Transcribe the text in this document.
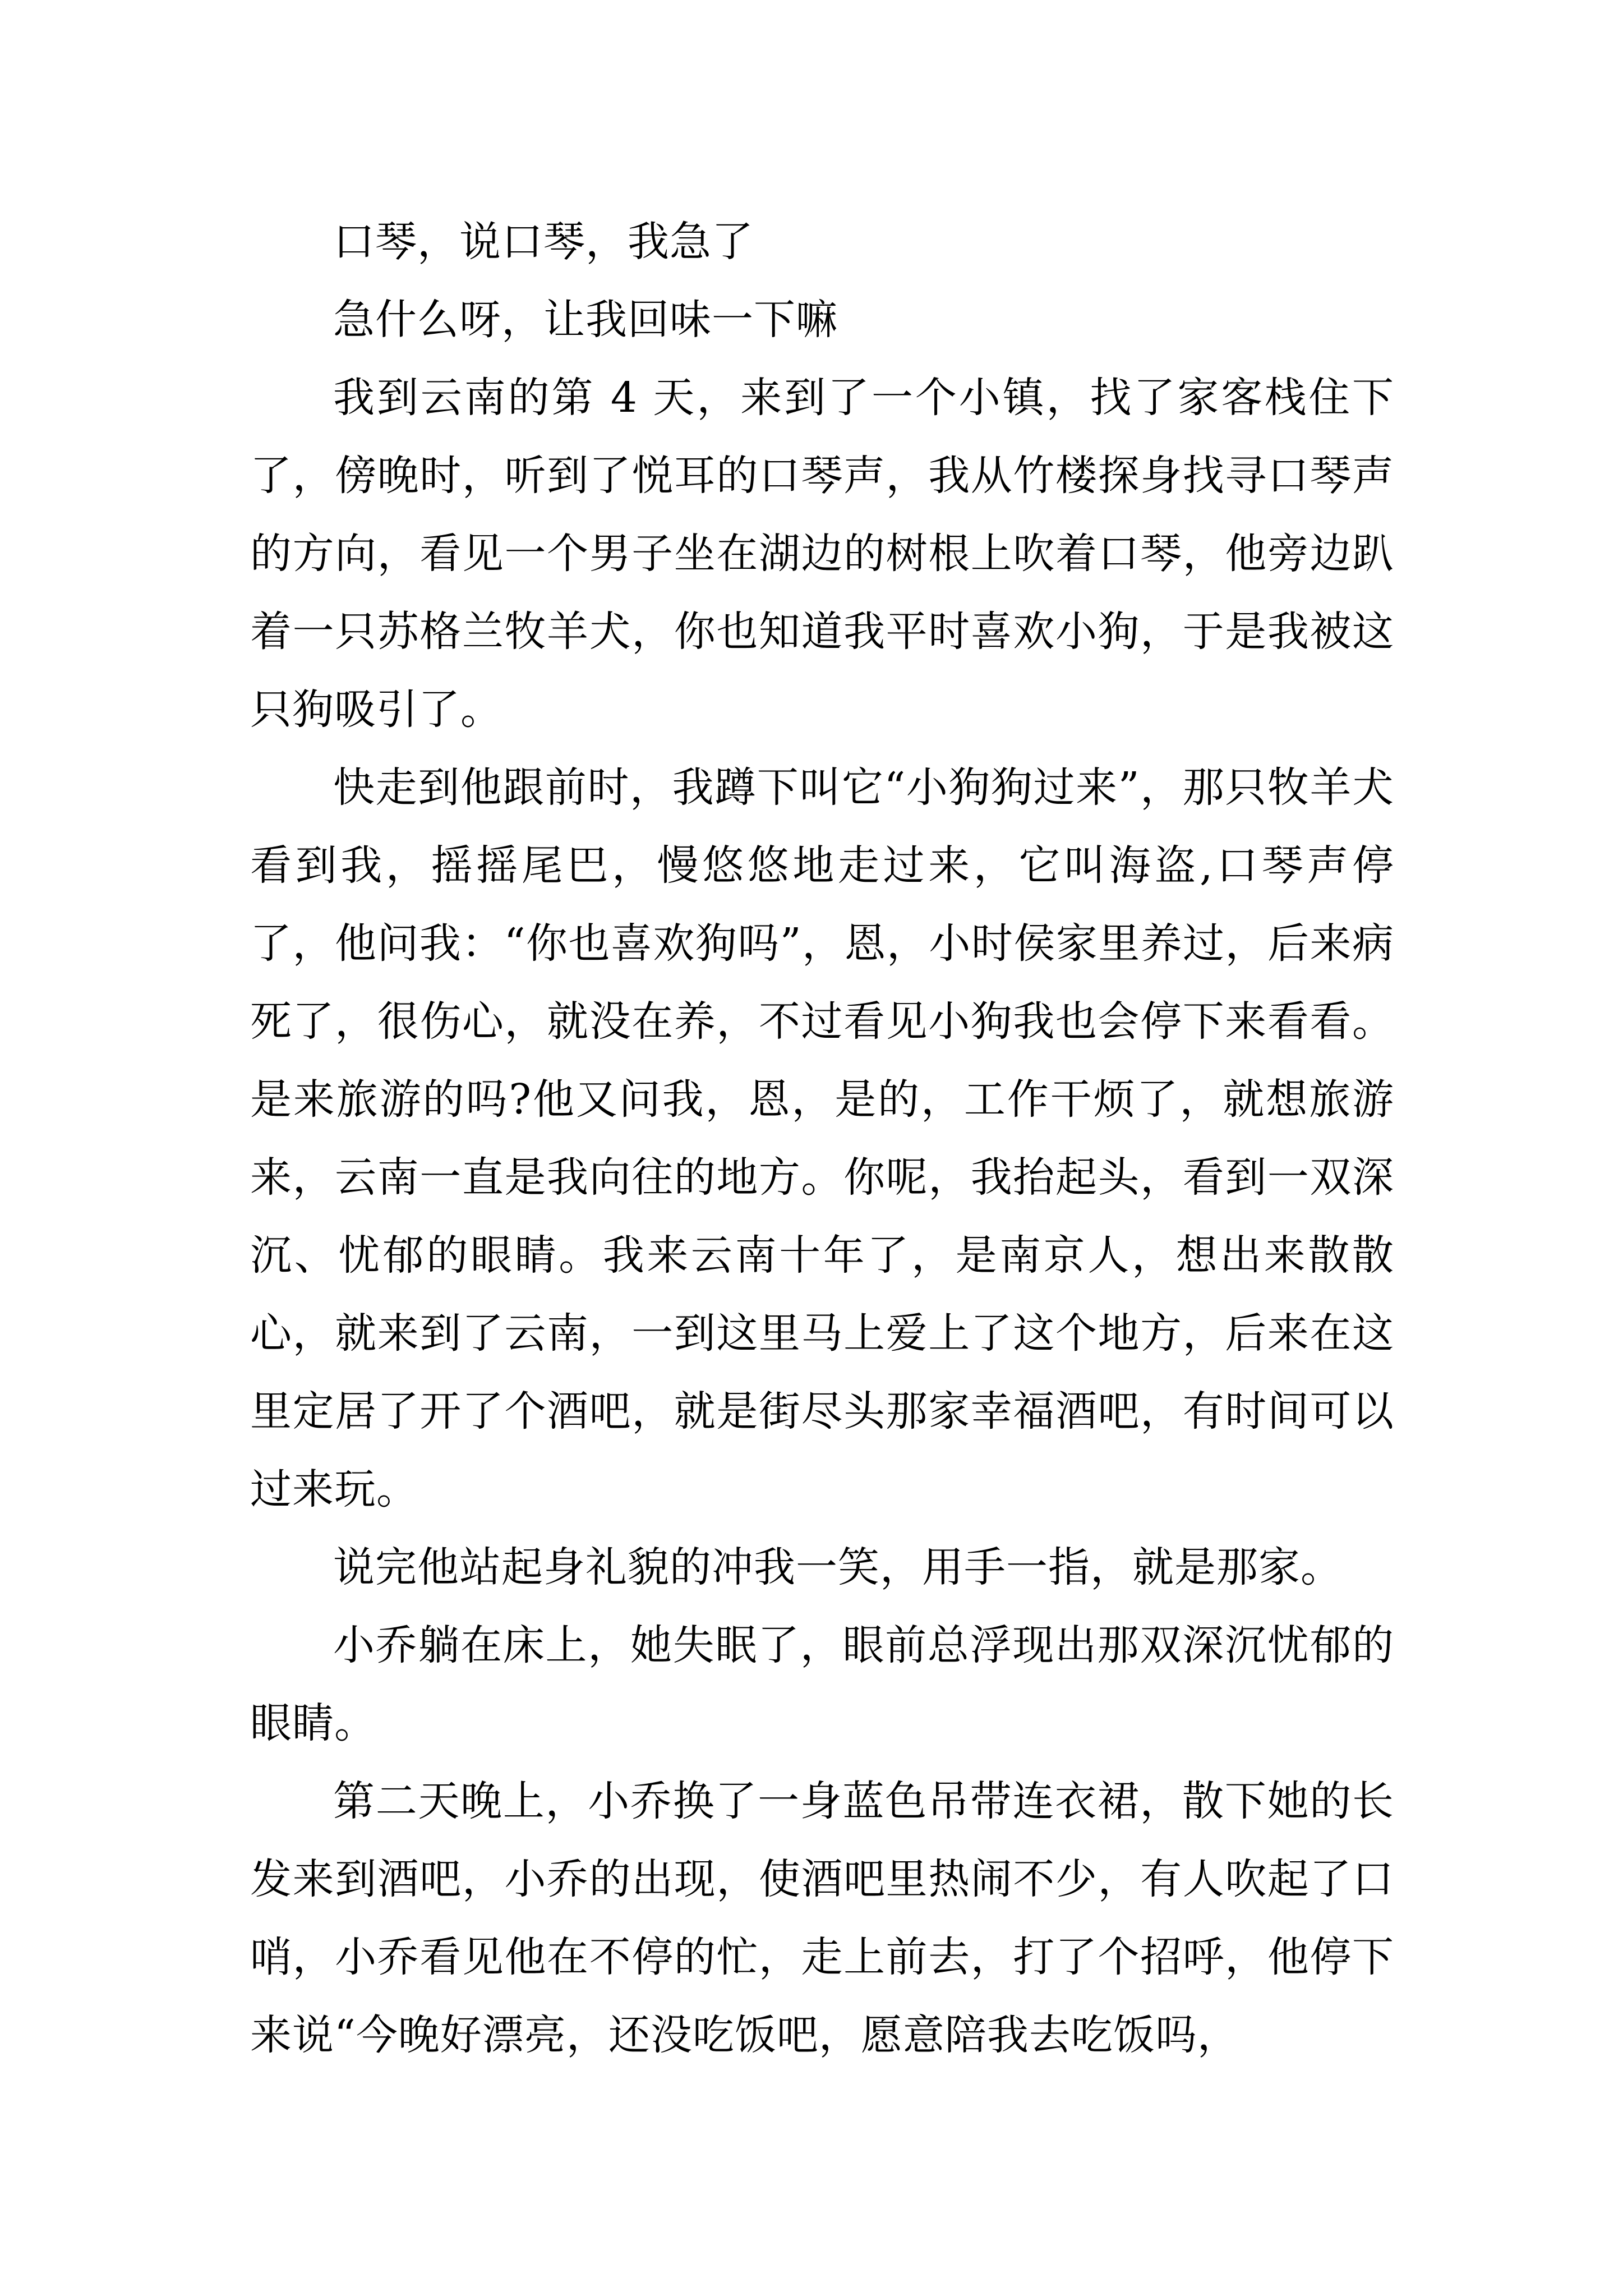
口琴，说口琴，我急了

急什么呀，让我回味一下嘛

我到云南的第 4 天，来到了一个小镇，找了家客栈住下了，傍晚时，听到了悦耳的口琴声，我从竹楼探身找寻口琴声的方向，看见一个男子坐在湖边的树根上吹着口琴，他旁边趴着一只苏格兰牧羊犬，你也知道我平时喜欢小狗，于是我被这只狗吸引了。

快走到他跟前时，我蹲下叫它“小狗狗过来”，那只牧羊犬看到我，摇摇尾巴，慢悠悠地走过来，它叫海盗,口琴声停了，他问我：“你也喜欢狗吗”，恩，小时侯家里养过，后来病死了，很伤心，就没在养，不过看见小狗我也会停下来看看。是来旅游的吗?他又问我，恩，是的，工作干烦了，就想旅游来，云南一直是我向往的地方。你呢，我抬起头，看到一双深沉、忧郁的眼睛。我来云南十年了，是南京人，想出来散散心，就来到了云南，一到这里马上爱上了这个地方，后来在这里定居了开了个酒吧，就是街尽头那家幸福酒吧，有时间可以过来玩。

说完他站起身礼貌的冲我一笑，用手一指，就是那家。

小乔躺在床上，她失眠了，眼前总浮现出那双深沉忧郁的眼睛。

第二天晚上，小乔换了一身蓝色吊带连衣裙，散下她的长发来到酒吧，小乔的出现，使酒吧里热闹不少，有人吹起了口哨，小乔看见他在不停的忙，走上前去，打了个招呼，他停下来说“今晚好漂亮，还没吃饭吧，愿意陪我去吃饭吗，
